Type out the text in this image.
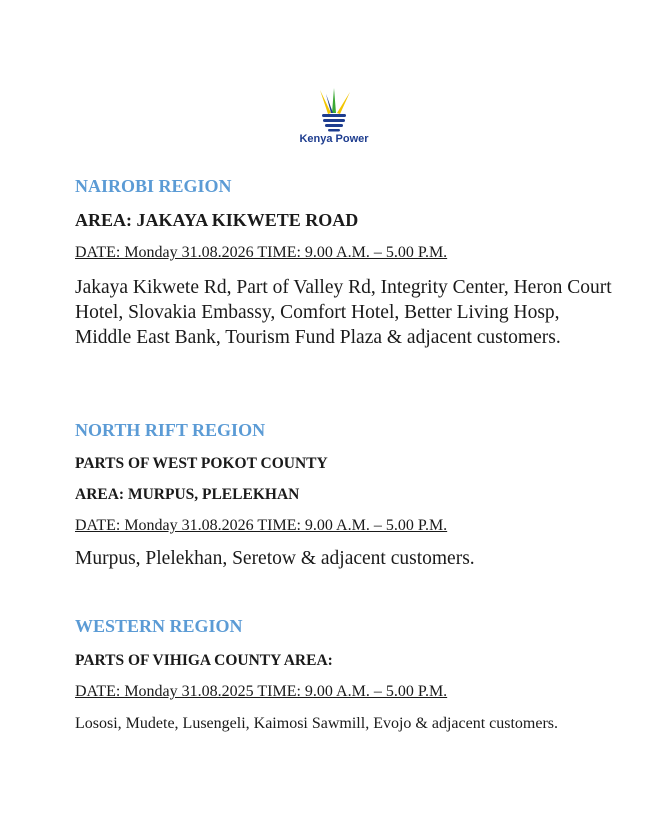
Kenya Power
NAIROBI REGION
AREA: JAKAYA KIKWETE ROAD
DATE: Monday 31.08.2026 TIME: 9.00 A.M. – 5.00 P.M.
Jakaya Kikwete Rd, Part of Valley Rd, Integrity Center, Heron Court Hotel, Slovakia Embassy, Comfort Hotel, Better Living Hosp, Middle East Bank, Tourism Fund Plaza & adjacent customers.
NORTH RIFT REGION
PARTS OF WEST POKOT COUNTY
AREA: MURPUS, PLELEKHAN
DATE: Monday 31.08.2026 TIME: 9.00 A.M. – 5.00 P.M.
Murpus, Plelekhan, Seretow & adjacent customers.
WESTERN REGION
PARTS OF VIHIGA COUNTY AREA:
DATE: Monday 31.08.2025 TIME: 9.00 A.M. – 5.00 P.M.
Lososi, Mudete, Lusengeli, Kaimosi Sawmill, Evojo & adjacent customers.
